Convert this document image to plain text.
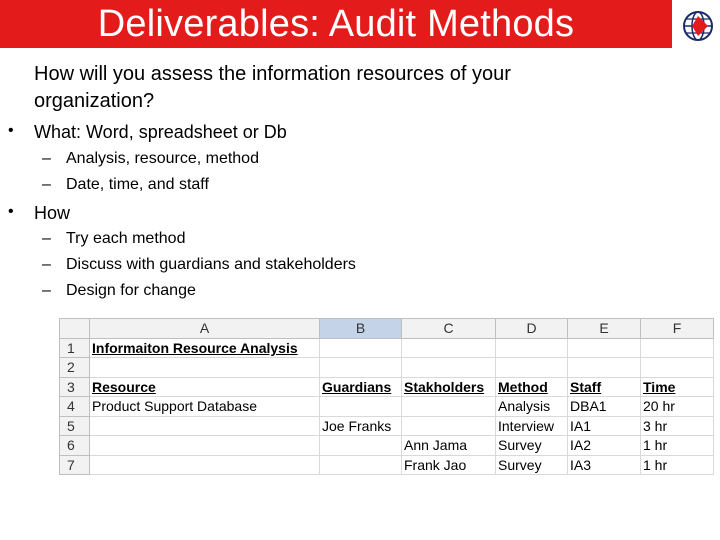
Deliverables: Audit Methods
How will you assess the information resources of your organization?
• What: Word, spreadsheet or Db
– Analysis, resource, method
– Date, time, and staff
• How
– Try each method
– Discuss with guardians and stakeholders
– Design for change
	A	B	C	D	E	F
1	Informaiton Resource Analysis					
2						
3	Resource	Guardians	Stakholders	Method	Staff	Time
4	Product Support Database			Analysis	DBA1	20 hr
5		Joe Franks		Interview	IA1	3 hr
6			Ann Jama	Survey	IA2	1 hr
7			Frank Jao	Survey	IA3	1 hr
